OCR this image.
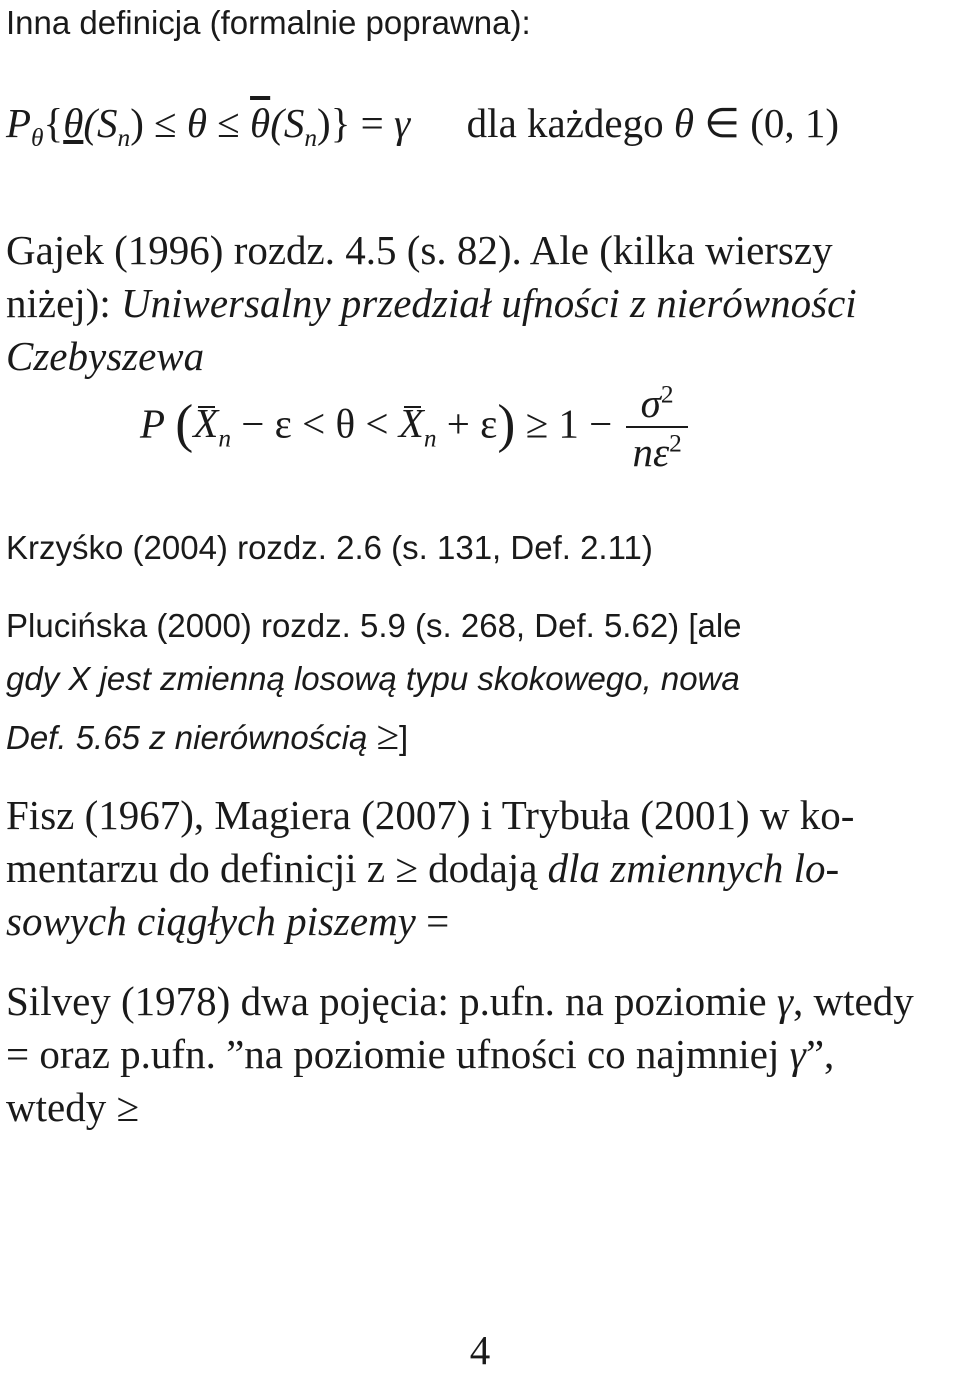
Inna definicja (formalnie poprawna):
$P_\theta\{\theta(S_n) \le \theta \le \overline{\theta}(S_n)\} = \gamma$ dla każdego θ ∈ (0, 1)
Gajek (1996) rozdz. 4.5 (s. 82). Ale (kilka wierszy
niżej): Uniwersalny przedział ufności z nierówności
Czebyszewa
P $(X_n - \varepsilon < \theta < X_n + \varepsilon) \ge 1 - \frac{\sigma^2}{n\varepsilon^2}$
Krzyśko (2004) rozdz. 2.6 (s. 131, Def. 2.11)
Plucińska (2000) rozdz. 5.9 (s. 268, Def. 5.62) [ale
gdy X jest zmienną losową typu skokowego, nowa
Def. 5.65 z nierównością ≥]
Fisz (1967), Magiera (2007) i Trybuła (2001) w ko-
mentarzu do definicji z ≥ dodają dla zmiennych lo-
sowych ciągłych piszemy =
Silvey (1978) dwa pojęcia: p.ufn. na poziomie γ, wtedy
= oraz p.ufn. ”na poziomie ufności co najmniej γ”,
wtedy ≥
4
